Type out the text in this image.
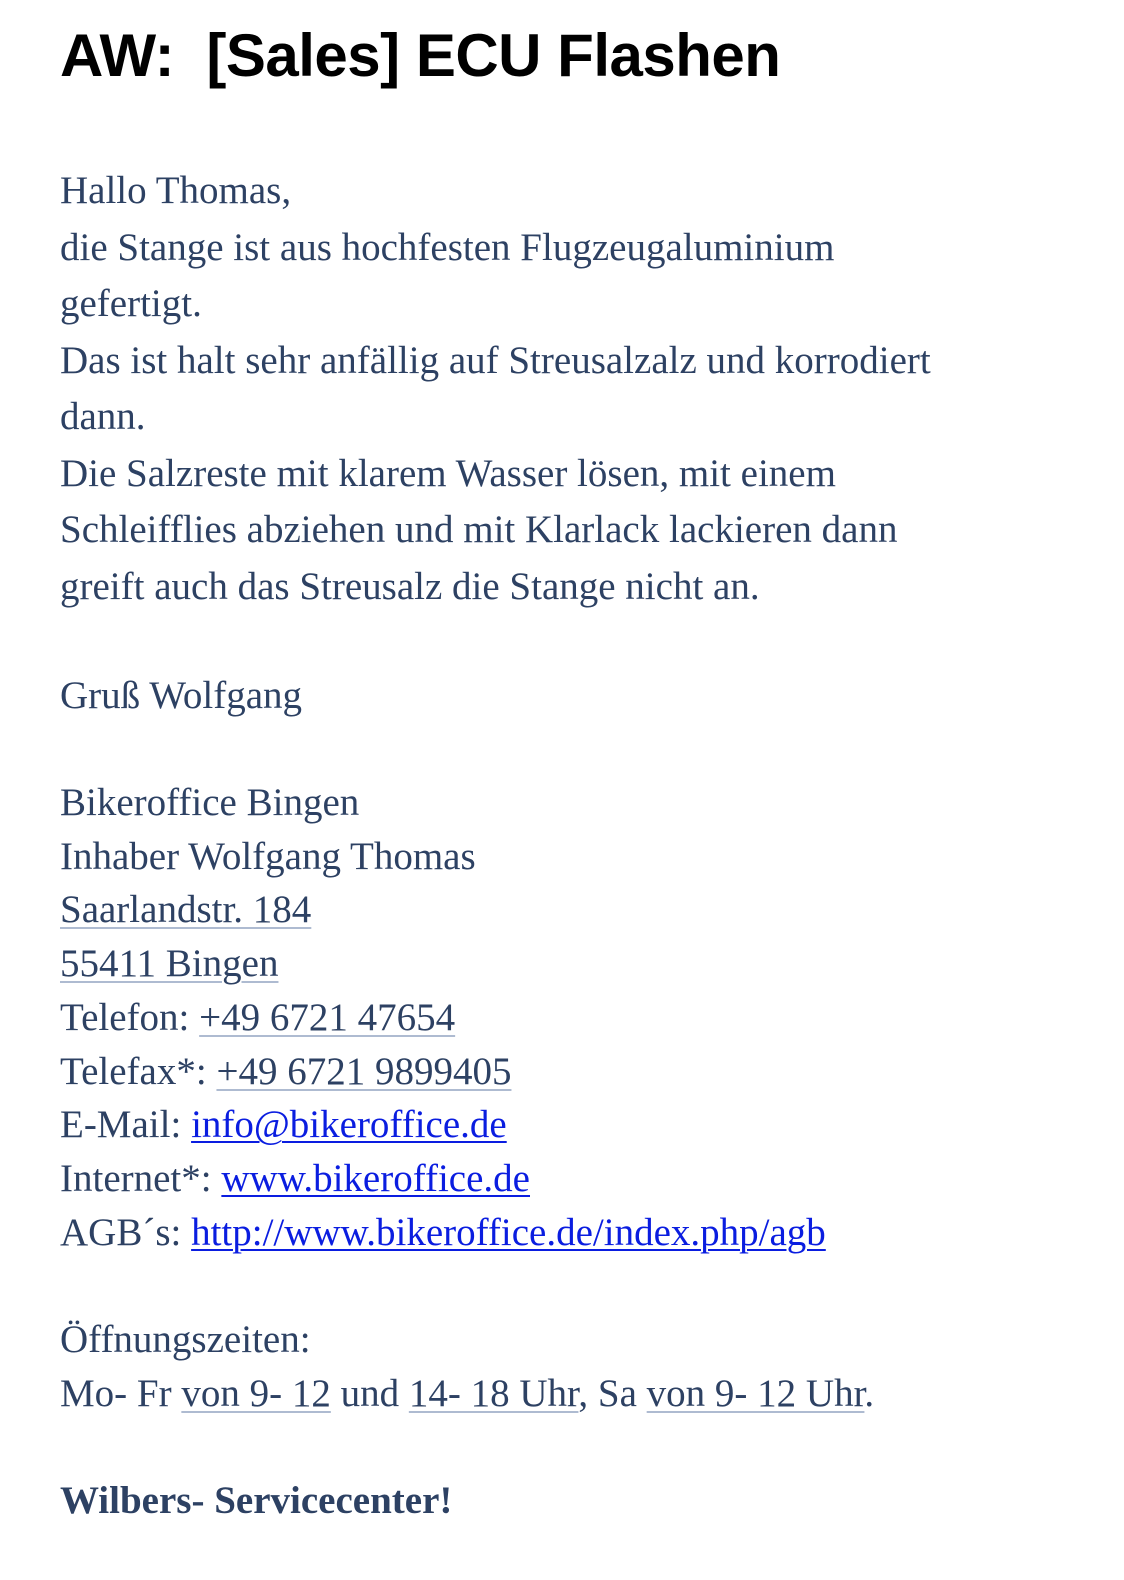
AW:  [Sales] ECU Flashen
Hallo Thomas,
die Stange ist aus hochfesten Flugzeugaluminium
gefertigt.
Das ist halt sehr anfällig auf Streusalzalz und korrodiert
dann.
Die Salzreste mit klarem Wasser lösen, mit einem
Schleifflies abziehen und mit Klarlack lackieren dann
greift auch das Streusalz die Stange nicht an.
Gruß Wolfgang
Bikeroffice Bingen
Inhaber Wolfgang Thomas
Saarlandstr. 184
55411 Bingen
Telefon: +49 6721 47654
Telefax*: +49 6721 9899405
E-Mail: info@bikeroffice.de
Internet*: www.bikeroffice.de
AGB´s: http://www.bikeroffice.de/index.php/agb
Öffnungszeiten:
Mo- Fr von 9- 12 und 14- 18 Uhr, Sa von 9- 12 Uhr.
Wilbers- Servicecenter!
